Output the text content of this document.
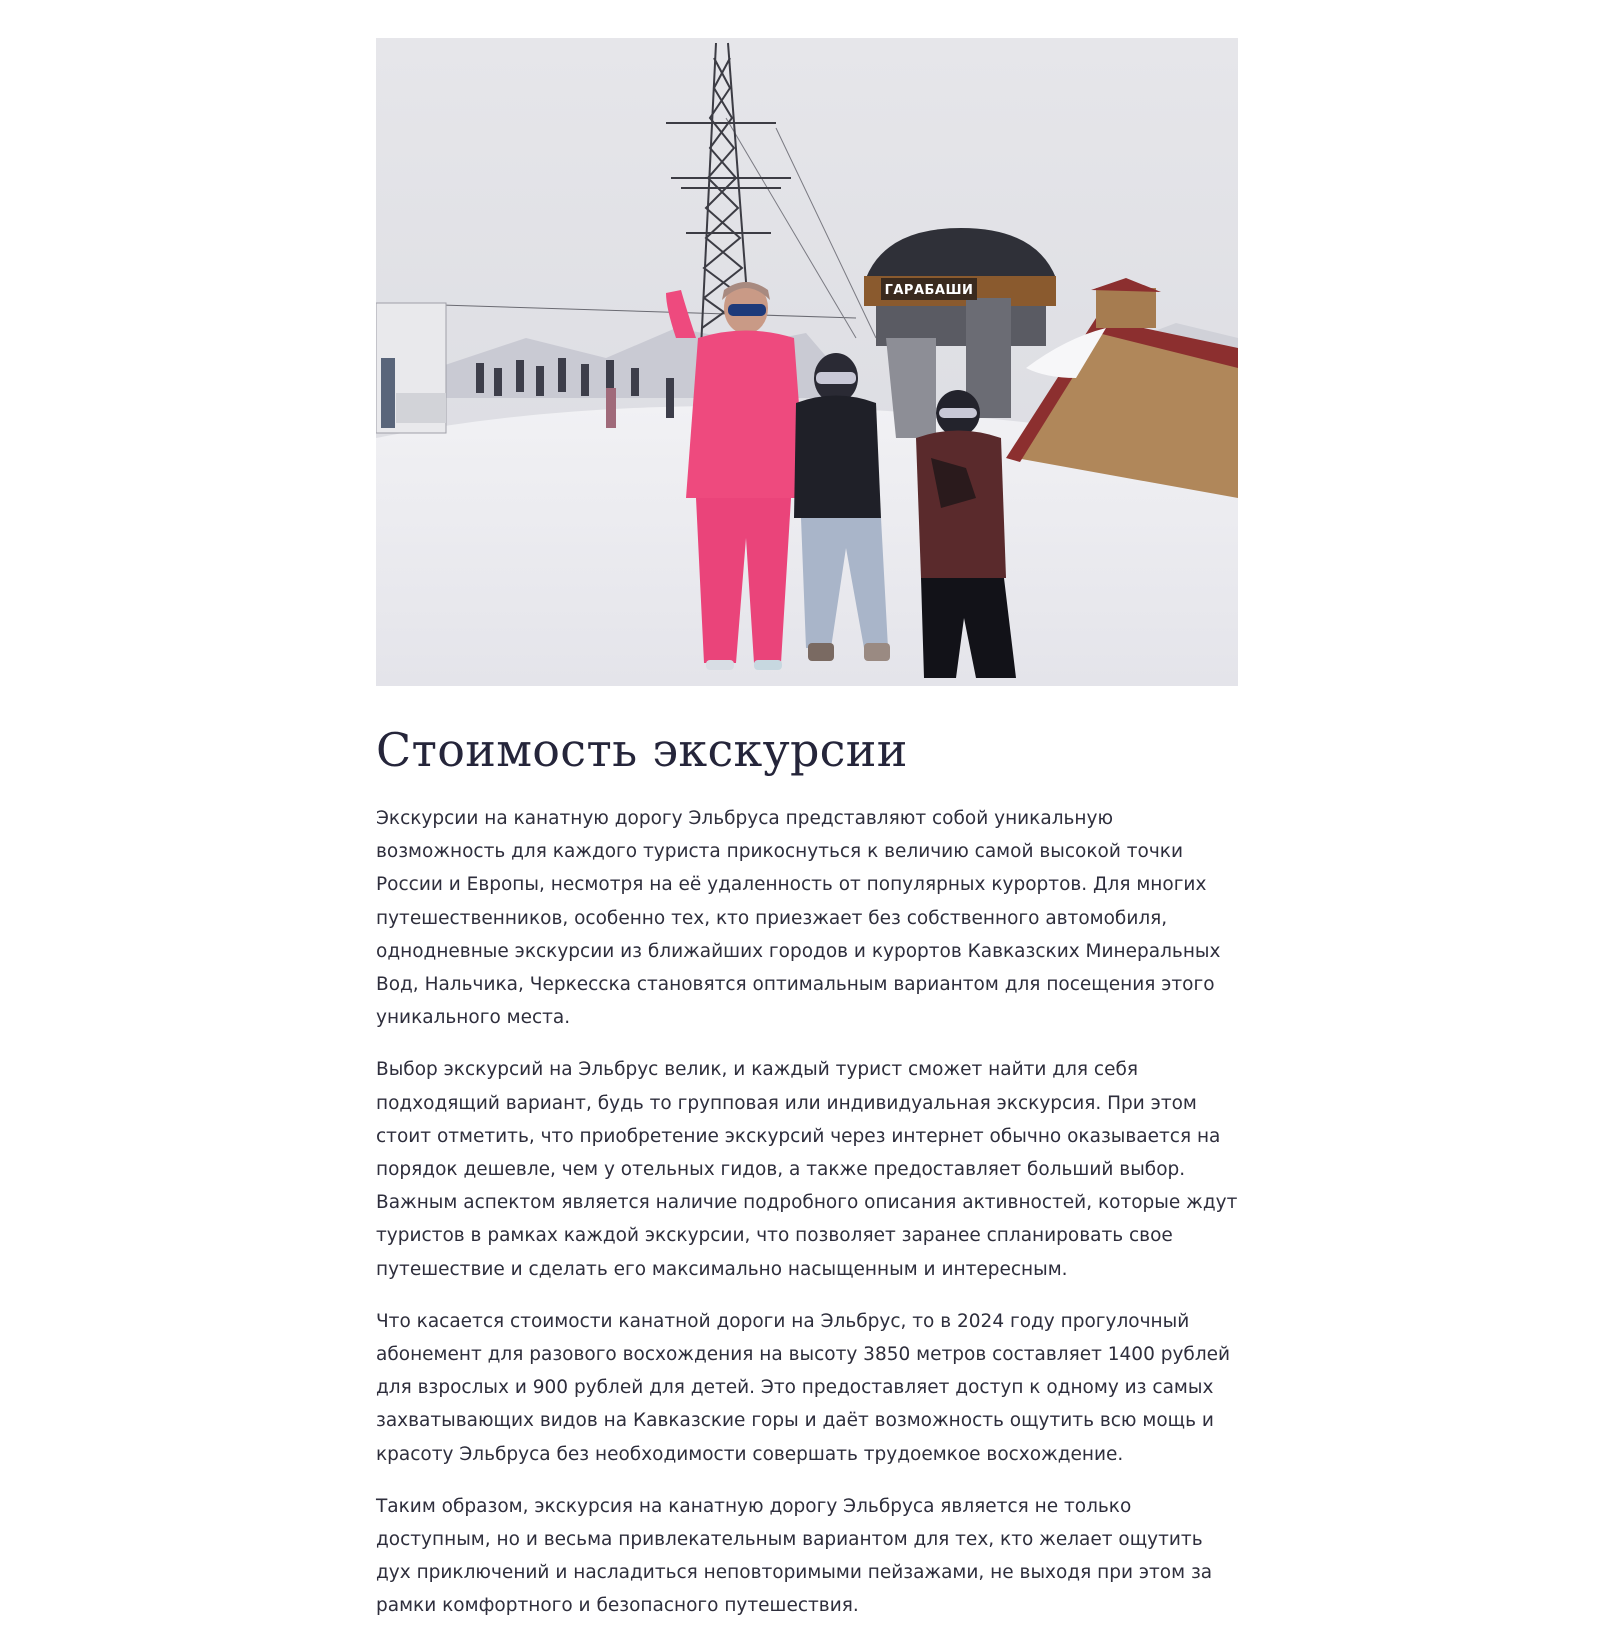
ГАРАБАШИ
Стоимость экскурсии

Экскурсии на канатную дорогу Эльбруса представляют собой уникальную возможность для каждого туриста прикоснуться к величию самой высокой точки России и Европы, несмотря на её удаленность от популярных курортов. Для многих путешественников, особенно тех, кто приезжает без собственного автомобиля, однодневные экскурсии из ближайших городов и курортов Кавказских Минеральных Вод, Нальчика, Черкесска становятся оптимальным вариантом для посещения этого уникального места.

Выбор экскурсий на Эльбрус велик, и каждый турист сможет найти для себя подходящий вариант, будь то групповая или индивидуальная экскурсия. При этом стоит отметить, что приобретение экскурсий через интернет обычно оказывается на порядок дешевле, чем у отельных гидов, а также предоставляет больший выбор. Важным аспектом является наличие подробного описания активностей, которые ждут туристов в рамках каждой экскурсии, что позволяет заранее спланировать свое путешествие и сделать его максимально насыщенным и интересным.

Что касается стоимости канатной дороги на Эльбрус, то в 2024 году прогулочный абонемент для разового восхождения на высоту 3850 метров составляет 1400 рублей для взрослых и 900 рублей для детей. Это предоставляет доступ к одному из самых захватывающих видов на Кавказские горы и даёт возможность ощутить всю мощь и красоту Эльбруса без необходимости совершать трудоемкое восхождение.

Таким образом, экскурсия на канатную дорогу Эльбруса является не только доступным, но и весьма привлекательным вариантом для тех, кто желает ощутить дух приключений и насладиться неповторимыми пейзажами, не выходя при этом за рамки комфортного и безопасного путешествия.
